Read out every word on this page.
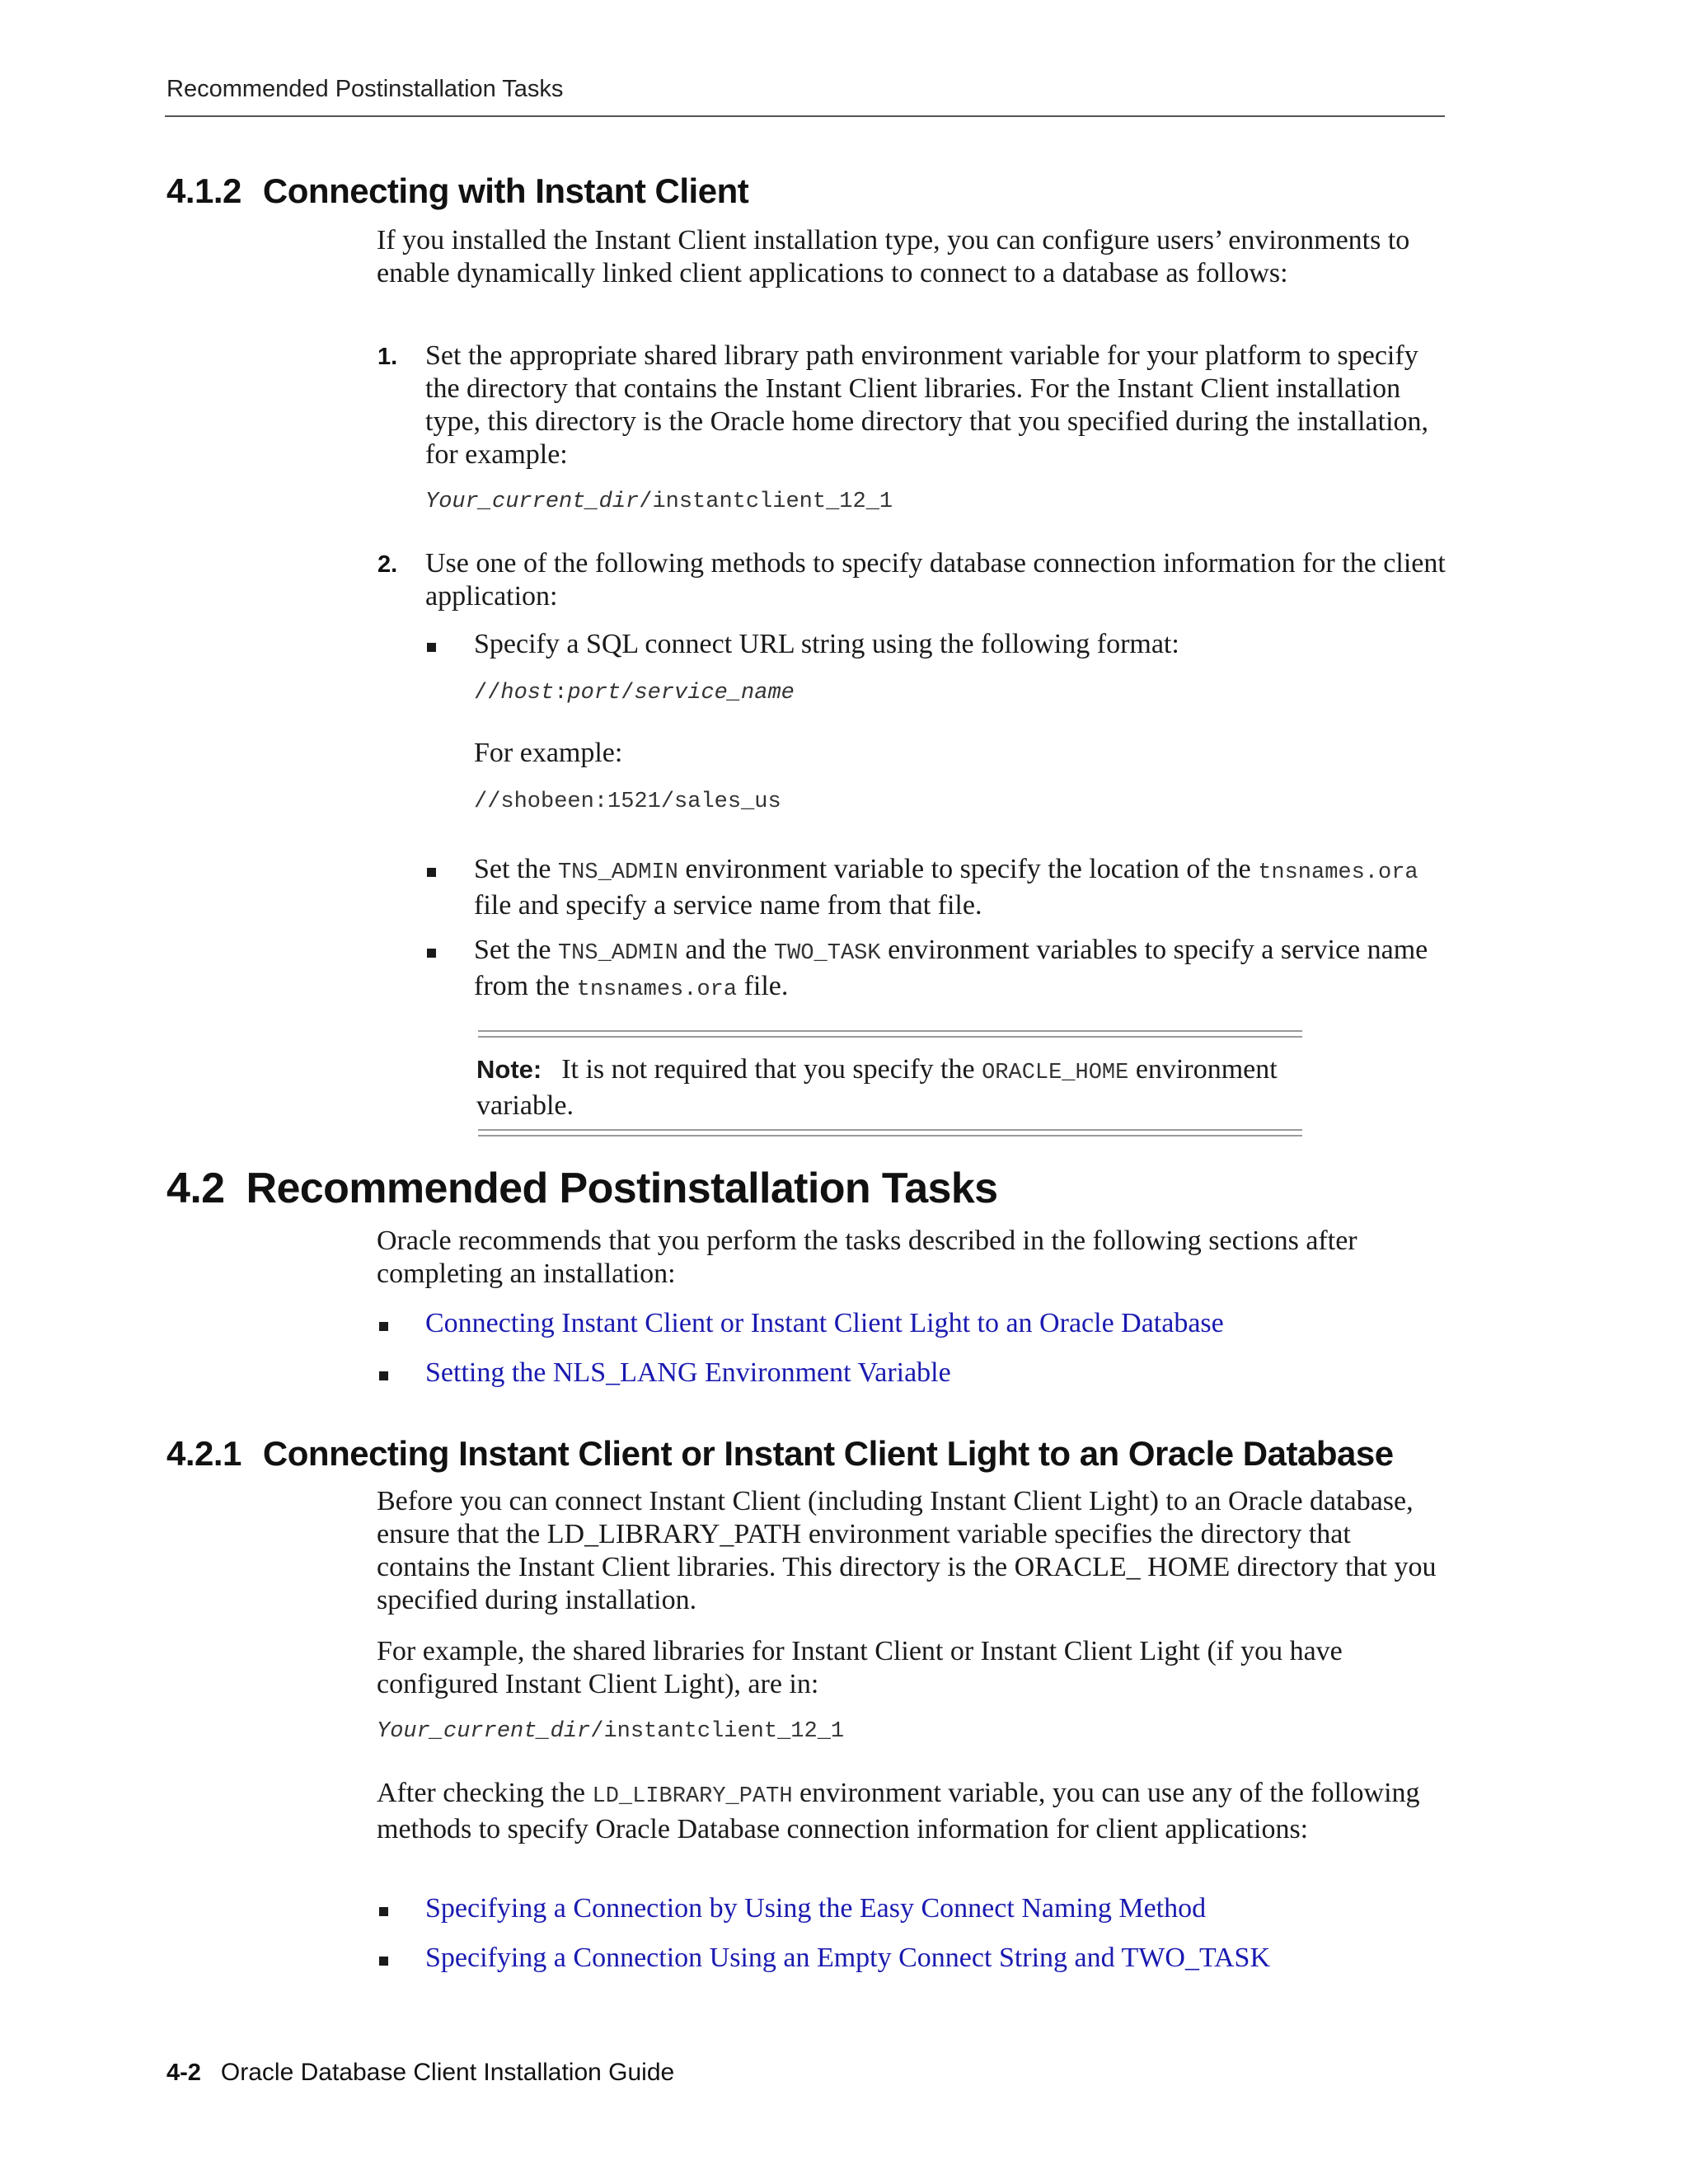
Recommended Postinstallation Tasks
4.1.2 Connecting with Instant Client
If you installed the Instant Client installation type, you can configure users’ environments to enable dynamically linked client applications to connect to a database as follows:
1. Set the appropriate shared library path environment variable for your platform to specify the directory that contains the Instant Client libraries. For the Instant Client installation type, this directory is the Oracle home directory that you specified during the installation, for example:
Your_current_dir/instantclient_12_1
2. Use one of the following methods to specify database connection information for the client application:
Specify a SQL connect URL string using the following format:
//host:port/service_name
For example:
//shobeen:1521/sales_us
Set the TNS_ADMIN environment variable to specify the location of the tnsnames.ora file and specify a service name from that file.
Set the TNS_ADMIN and the TWO_TASK environment variables to specify a service name from the tnsnames.ora file.
Note: It is not required that you specify the ORACLE_HOME environment variable.
4.2 Recommended Postinstallation Tasks
Oracle recommends that you perform the tasks described in the following sections after completing an installation:
Connecting Instant Client or Instant Client Light to an Oracle Database
Setting the NLS_LANG Environment Variable
4.2.1 Connecting Instant Client or Instant Client Light to an Oracle Database
Before you can connect Instant Client (including Instant Client Light) to an Oracle database, ensure that the LD_LIBRARY_PATH environment variable specifies the directory that contains the Instant Client libraries. This directory is the ORACLE_ HOME directory that you specified during installation.
For example, the shared libraries for Instant Client or Instant Client Light (if you have configured Instant Client Light), are in:
Your_current_dir/instantclient_12_1
After checking the LD_LIBRARY_PATH environment variable, you can use any of the following methods to specify Oracle Database connection information for client applications:
Specifying a Connection by Using the Easy Connect Naming Method
Specifying a Connection Using an Empty Connect String and TWO_TASK
4-2 Oracle Database Client Installation Guide
